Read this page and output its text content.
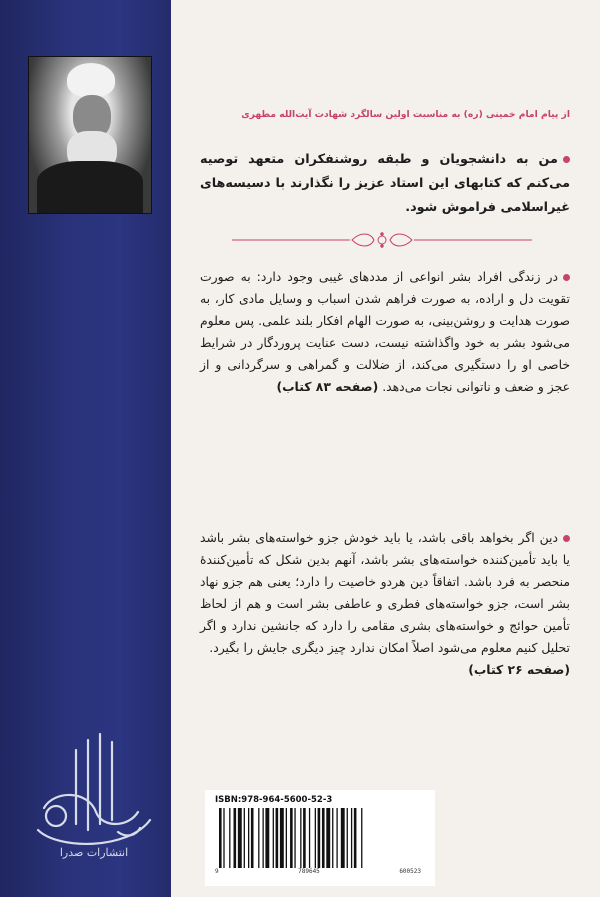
انتشارات صدرا
از پیام امام خمینی (ره) به مناسبت اولین سالگرد شهادت آیت‌الله مطهری
من به دانشجویان و طبقه روشنفکران متعهد توصیه می‌کنم که کتابهای این استاد عزیز را نگذارند با دسیسه‌های غیراسلامی فراموش شود.
در زندگی افراد بشر انواعی از مددهای غیبی وجود دارد: به صورت تقویت دل و اراده، به صورت فراهم شدن اسباب و وسایل مادی کار، به صورت هدایت و روشن‌بینی، به صورت الهام افکار بلند علمی. پس معلوم می‌شود بشر به خود واگذاشته نیست، دست عنایت پروردگار در شرایط خاصی او را دستگیری می‌کند، از ضلالت و گمراهی و سرگردانی و از عجز و ضعف و ناتوانی نجات می‌دهد. (صفحه ۸۳ کتاب)
دین اگر بخواهد باقی باشد، یا باید خودش جزو خواسته‌های بشر باشد یا باید تأمین‌کننده خواسته‌های بشر باشد، آنهم بدین شکل که تأمین‌کنندهٔ منحصر به فرد باشد. اتفاقاً دین هردو خاصیت را دارد؛ یعنی هم جزو نهاد بشر است، جزو خواسته‌های فطری و عاطفی بشر است و هم از لحاظ تأمین حوائج و خواسته‌های بشری مقامی را دارد که جانشین ندارد و اگر تحلیل کنیم معلوم می‌شود اصلاً امکان ندارد چیز دیگری جایش را بگیرد.
(صفحه ۲۶ کتاب)
ISBN:978-964-5600-52-3
9	789645	600523
